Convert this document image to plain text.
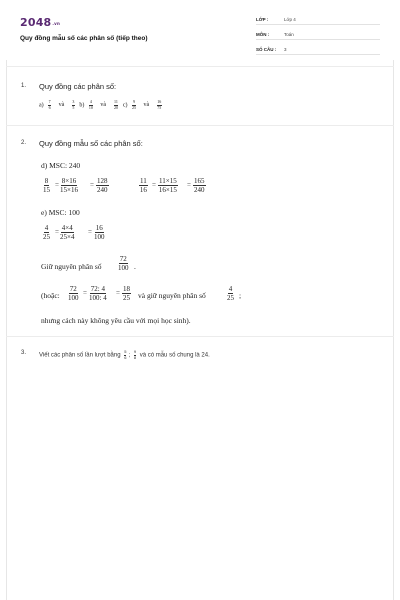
2048.vn
Quy đồng mẫu số các phân số (tiếp theo)
LỚP :	Lớp 4
MÔN :	Toán
SỐ CÂU : 3
1. Quy đồng các phân số:
$a) \frac{7}{6}$ và $\frac{3}{5} b) \frac{4}{10}$ và $\frac{11}{20} c) \frac{9}{25}$ và $\frac{16}{75}$
2. Quy đồng mẫu số các phân số:
d) MSC: 240
$\frac{8}{15} = \frac{8\times 16}{15\times 16} = \frac{128}{240}$	$\frac{11}{16} = \frac{11\times 15}{16\times 15} = \frac{165}{240}$
e) MSC: 100
$\frac{4}{25} = \frac{4\times 4}{25\times 4} = \frac{16}{100}$
Giữ nguyên phân số $\frac{72}{100}$ .
(hoặc: $\frac{72}{100} = \frac{72: 4}{100: 4} = \frac{18}{25}$ và giữ nguyên phân số	$\frac{4}{25}$ ;
nhưng cách này không yêu cầu với mọi học sinh).
3. Viết các phân số lần lượt bằng $\frac{5}{6}$ ; $\frac{9}{8}$ và có mẫu số chung là 24.
